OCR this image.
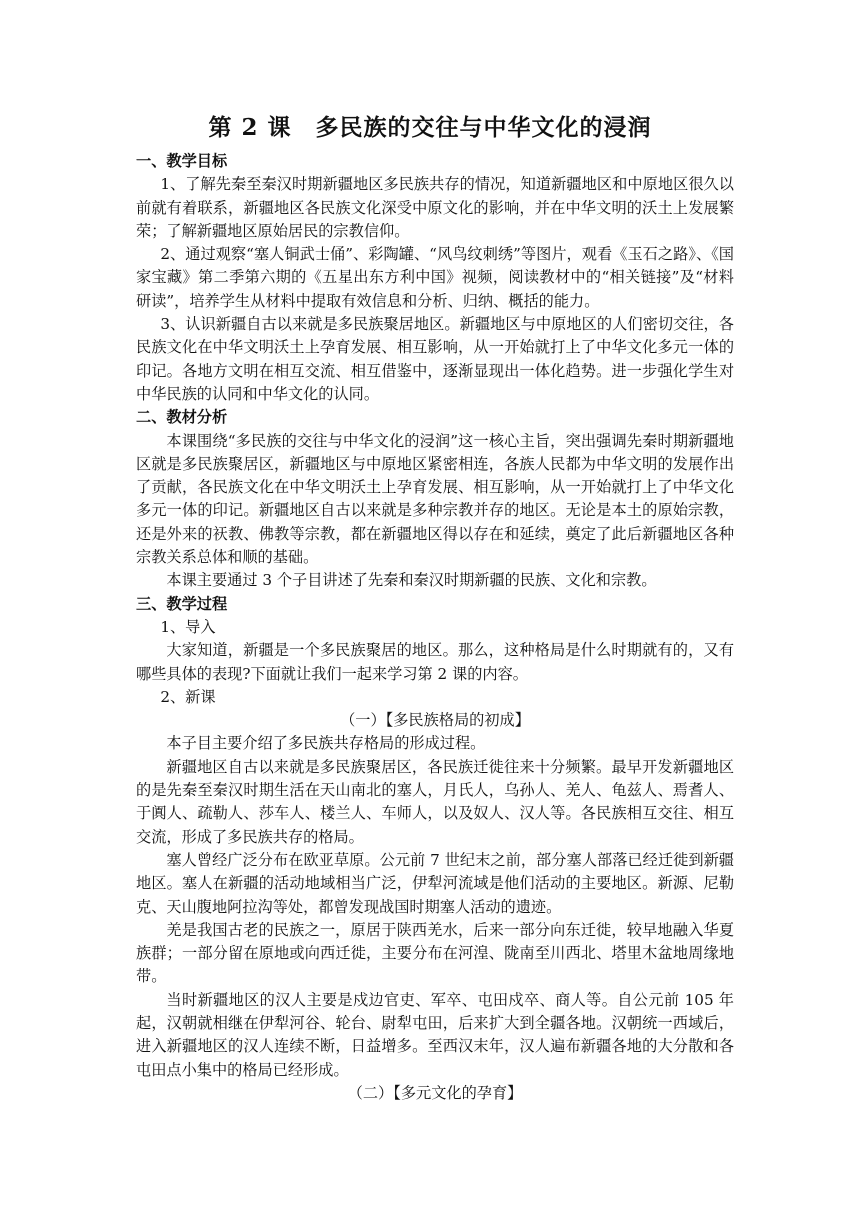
第 2 课　多民族的交往与中华文化的浸润

一、教学目标

1、了解先秦至秦汉时期新疆地区多民族共存的情况，知道新疆地区和中原地区很久以前就有着联系，新疆地区各民族文化深受中原文化的影响，并在中华文明的沃土上发展繁荣；了解新疆地区原始居民的宗教信仰。

2、通过观察“塞人铜武士俑”、彩陶罐、“风鸟纹刺绣”等图片，观看《玉石之路》、《国家宝藏》第二季第六期的《五星出东方利中国》视频，阅读教材中的“相关链接”及“材料研读”，培养学生从材料中提取有效信息和分析、归纳、概括的能力。

3、认识新疆自古以来就是多民族聚居地区。新疆地区与中原地区的人们密切交往，各民族文化在中华文明沃土上孕育发展、相互影响，从一开始就打上了中华文化多元一体的印记。各地方文明在相互交流、相互借鉴中，逐渐显现出一体化趋势。进一步强化学生对中华民族的认同和中华文化的认同。

二、教材分析

本课围绕“多民族的交往与中华文化的浸润”这一核心主旨，突出强调先秦时期新疆地区就是多民族聚居区，新疆地区与中原地区紧密相连，各族人民都为中华文明的发展作出了贡献，各民族文化在中华文明沃土上孕育发展、相互影响，从一开始就打上了中华文化多元一体的印记。新疆地区自古以来就是多种宗教并存的地区。无论是本土的原始宗教，还是外来的祆教、佛教等宗教，都在新疆地区得以存在和延续，奠定了此后新疆地区各种宗教关系总体和顺的基础。

本课主要通过 3 个子目讲述了先秦和秦汉时期新疆的民族、文化和宗教。

三、教学过程

1、导入

大家知道，新疆是一个多民族聚居的地区。那么，这种格局是什么时期就有的，又有哪些具体的表现?下面就让我们一起来学习第 2 课的内容。

2、新课

（一）【多民族格局的初成】

本子目主要介绍了多民族共存格局的形成过程。

新疆地区自古以来就是多民族聚居区，各民族迁徙往来十分频繁。最早开发新疆地区的是先秦至秦汉时期生活在天山南北的塞人，月氏人，乌孙人、羌人、龟兹人、焉耆人、于阗人、疏勒人、莎车人、楼兰人、车师人，以及奴人、汉人等。各民族相互交往、相互交流，形成了多民族共存的格局。

塞人曾经广泛分布在欧亚草原。公元前 7 世纪末之前，部分塞人部落已经迁徙到新疆地区。塞人在新疆的活动地域相当广泛，伊犁河流域是他们活动的主要地区。新源、尼勒克、天山腹地阿拉沟等处，都曾发现战国时期塞人活动的遗迹。

羌是我国古老的民族之一，原居于陕西羌水，后来一部分向东迁徙，较早地融入华夏族群；一部分留在原地或向西迁徙，主要分布在河湟、陇南至川西北、塔里木盆地周缘地带。

当时新疆地区的汉人主要是戍边官吏、军卒、屯田戍卒、商人等。自公元前 105 年起，汉朝就相继在伊犁河谷、轮台、尉犁屯田，后来扩大到全疆各地。汉朝统一西域后，进入新疆地区的汉人连续不断，日益增多。至西汉末年，汉人遍布新疆各地的大分散和各屯田点小集中的格局已经形成。

（二）【多元文化的孕育】
